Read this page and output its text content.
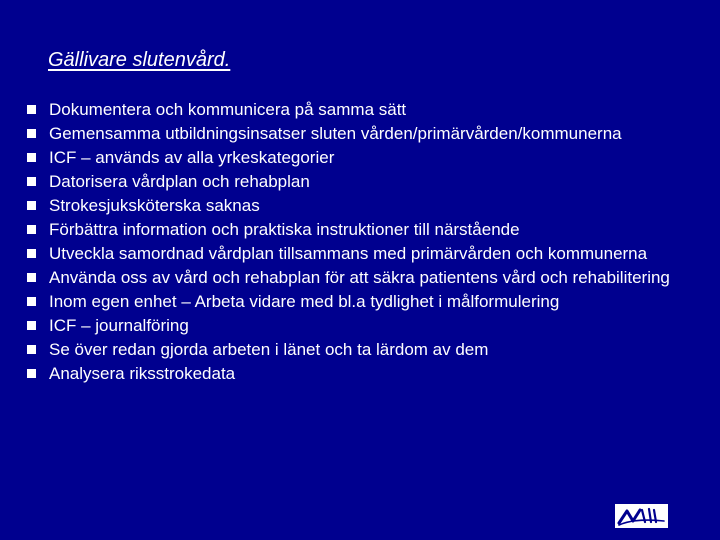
Gällivare slutenvård.
Dokumentera och kommunicera på samma sätt
Gemensamma utbildningsinsatser sluten vården/primärvården/kommunerna
ICF – används av alla yrkeskategorier
Datorisera vårdplan och rehabplan
Strokesjuksköterska saknas
Förbättra information och praktiska instruktioner till närstående
Utveckla samordnad vårdplan tillsammans med primärvården och kommunerna
Använda oss av vård och rehabplan för att säkra patientens vård och rehabilitering
Inom egen enhet – Arbeta vidare med bl.a tydlighet i målformulering
ICF – journalföring
Se över redan gjorda arbeten i länet och ta lärdom av dem
Analysera riksstrokedata
